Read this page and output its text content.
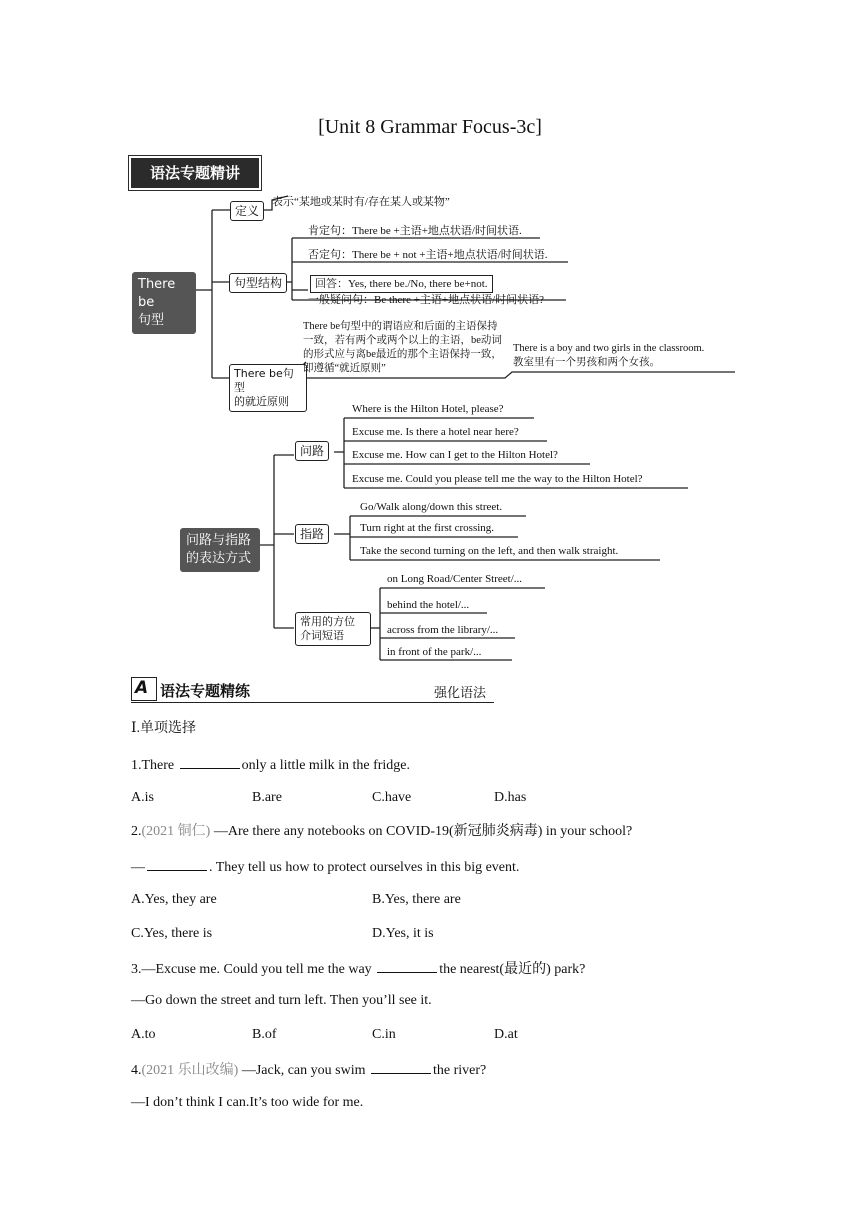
[Unit 8 Grammar Focus-3c]
语法专题精讲
There be
句型
定义
表示“某地或某时有/存在某人或某物”
句型结构
肯定句：There be +主语+地点状语/时间状语.
否定句：There be + not +主语+地点状语/时间状语.
回答：Yes, there be./No, there be+not.
一般疑问句：Be there +主语+地点状语/时间状语?
There be句型
的就近原则
There be句型中的谓语应和后面的主语保持一致，若有两个或两个以上的主语，be动词的形式应与离be最近的那个主语保持一致，即遵循“就近原则”
There is a boy and two girls in the classroom.
教室里有一个男孩和两个女孩。
问路与指路
的表达方式
问路
Where is the Hilton Hotel, please?
Excuse me. Is there a hotel near here?
Excuse me. How can I get to the Hilton Hotel?
Excuse me. Could you please tell me the way to the Hilton Hotel?
指路
Go/Walk along/down this street.
Turn right at the first crossing.
Take the second turning on the left, and then walk straight.
常用的方位
介词短语
on Long Road/Center Street/...
behind the hotel/...
across from the library/...
in front of the park/...
A 语法专题精练	强化语法
Ⅰ.单项选择
1.There	only a little milk in the fridge.
A.is	B.are	C.have	D.has
2.(2021 铜仁) —Are there any notebooks on COVID-19(新冠肺炎病毒) in your school?
—	. They tell us how to protect ourselves in this big event.
A.Yes, they are	B.Yes, there are
C.Yes, there is	D.Yes, it is
3.—Excuse me. Could you tell me the way	the nearest(最近的) park?
—Go down the street and turn left. Then you’ll see it.
A.to	B.of	C.in	D.at
4.(2021 乐山改编) —Jack, can you swim	the river?
—I don’t think I can.It’s too wide for me.
